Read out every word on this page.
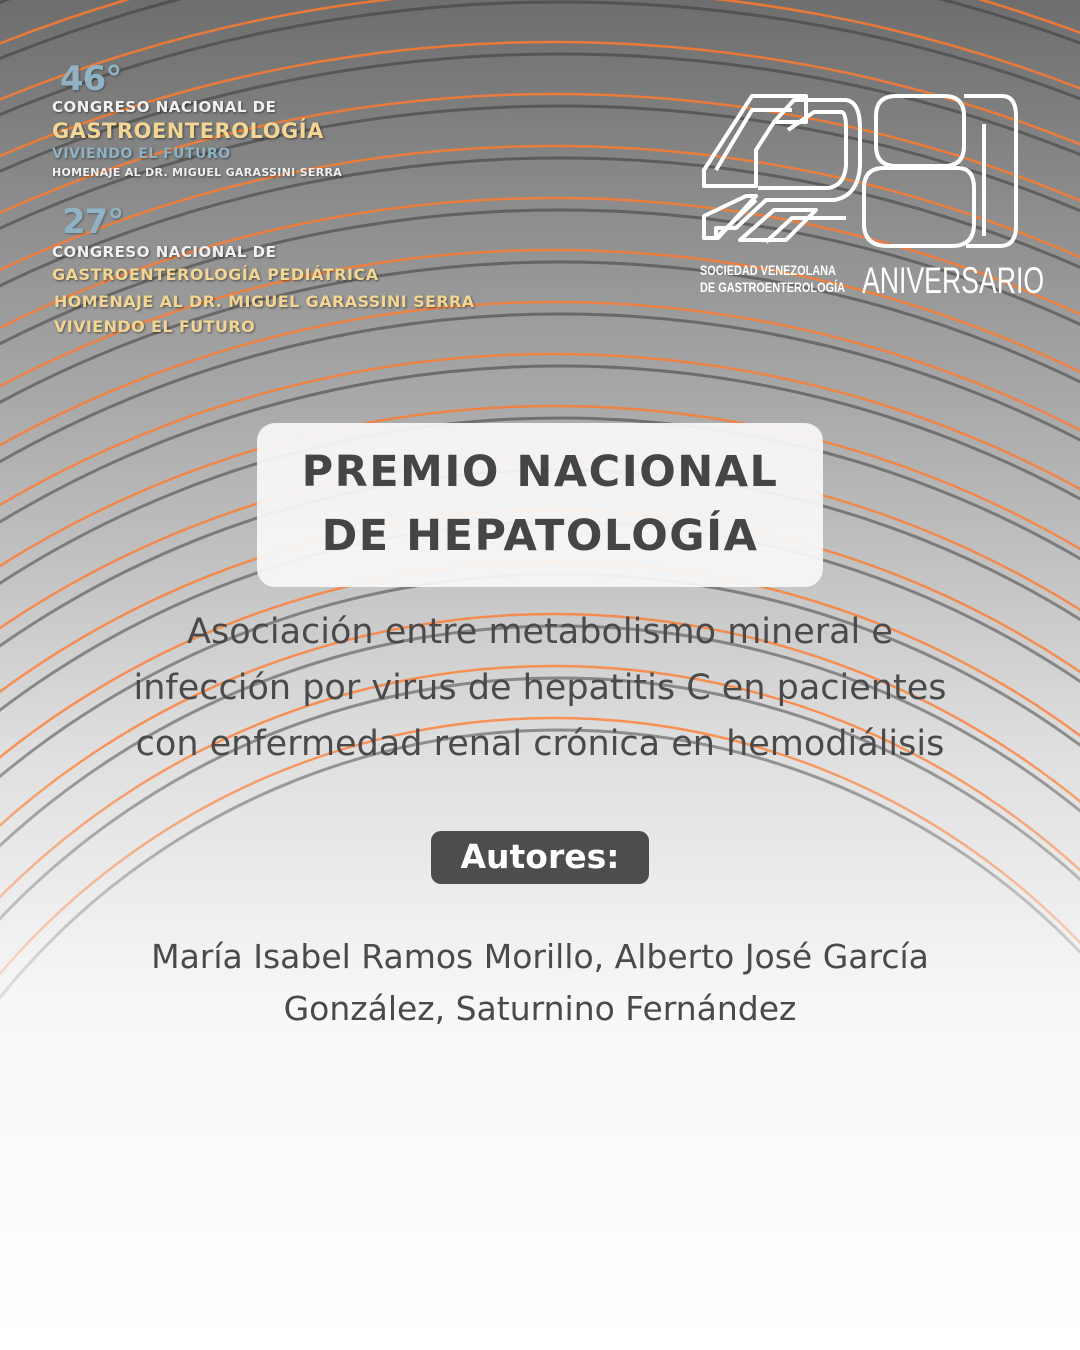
46°
CONGRESO NACIONAL DE
GASTROENTEROLOGÍA
VIVIENDO EL FUTURO
HOMENAJE AL DR. MIGUEL GARASSINI SERRA
27°
CONGRESO NACIONAL DE
GASTROENTEROLOGÍA PEDIÁTRICA
HOMENAJE AL DR. MIGUEL GARASSINI SERRA
VIVIENDO EL FUTURO
SOCIEDAD VENEZOLANA
DE GASTROENTEROLOGÍA ANIVERSARIO
PREMIO NACIONAL
DE HEPATOLOGÍA
Asociación entre metabolismo mineral e
infección por virus de hepatitis C en pacientes
con enfermedad renal crónica en hemodiálisis
Autores:
María Isabel Ramos Morillo, Alberto José García
González, Saturnino Fernández
